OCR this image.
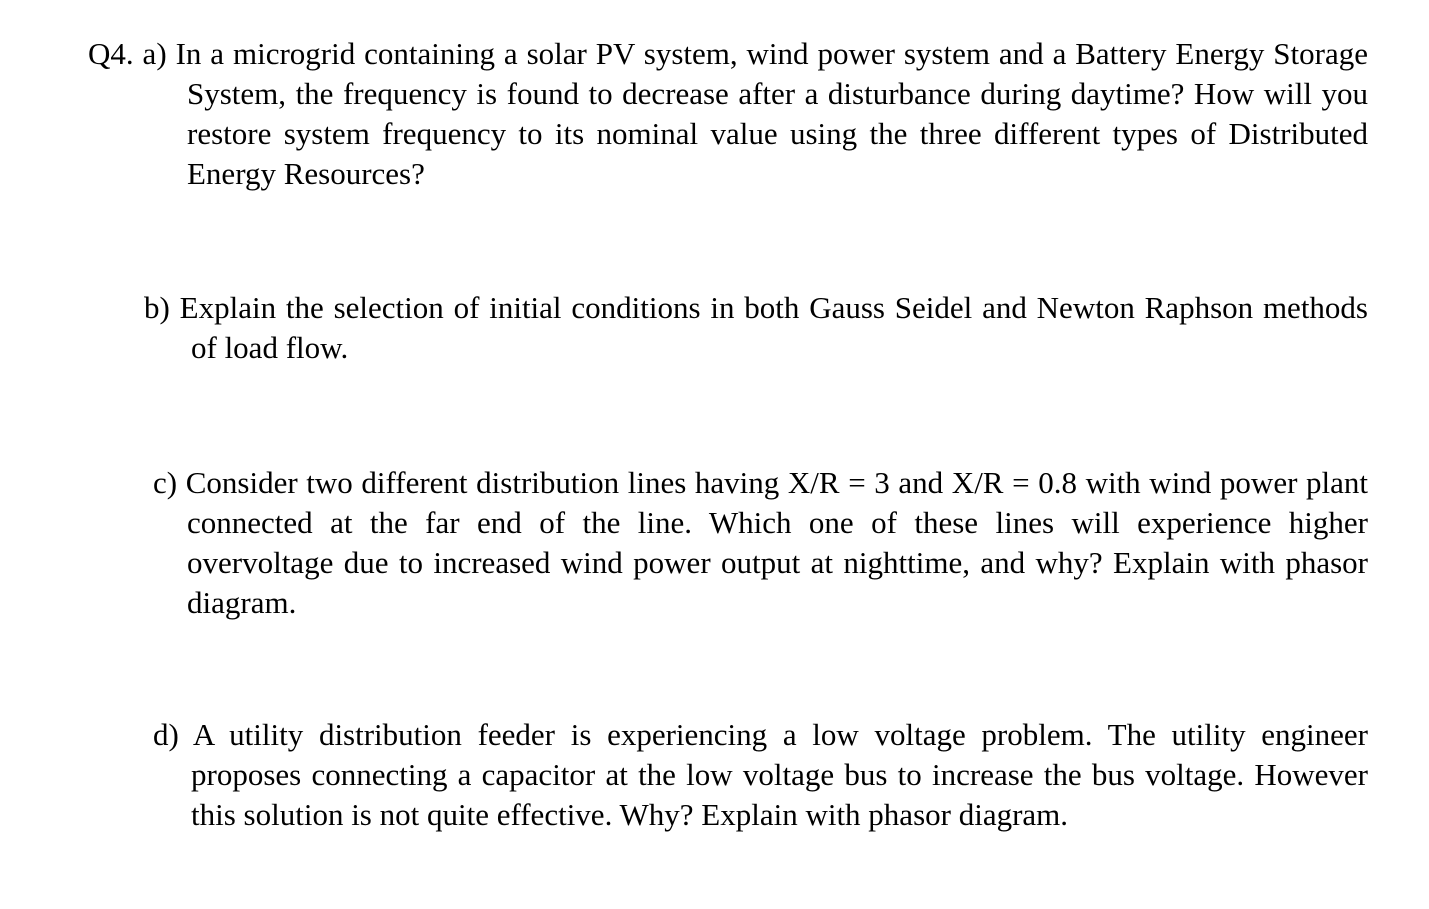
Q4. a) In a microgrid containing a solar PV system, wind power system and a Battery Energy Storage System, the frequency is found to decrease after a disturbance during daytime? How will you restore system frequency to its nominal value using the three different types of Distributed Energy Resources?

b) Explain the selection of initial conditions in both Gauss Seidel and Newton Raphson methods of load flow.

c) Consider two different distribution lines having X/R = 3 and X/R = 0.8 with wind power plant connected at the far end of the line. Which one of these lines will experience higher overvoltage due to increased wind power output at nighttime, and why? Explain with phasor diagram.

d) A utility distribution feeder is experiencing a low voltage problem. The utility engineer proposes connecting a capacitor at the low voltage bus to increase the bus voltage. However this solution is not quite effective. Why? Explain with phasor diagram.
